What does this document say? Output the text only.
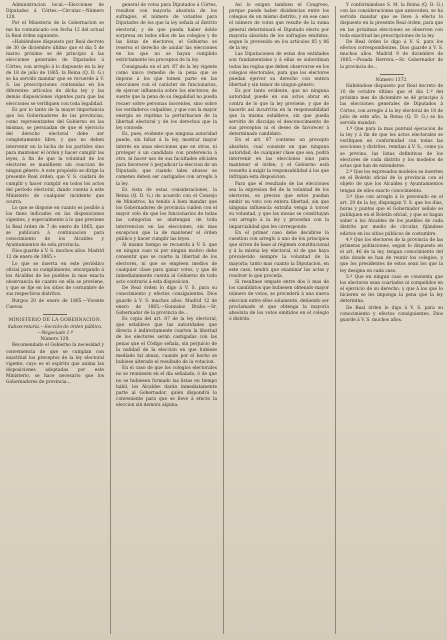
Administracion local.—Elecciones de Diputados á Córtes.—Circular.—Número 128.

Por el Ministerio de la Gobernacion se me ha comunicado con fecha 12 del actual la Real órden siguiente:

«Habiéndose dispuesto por Real decreto de 30 de diciembre último que el dia 5 de marzo próximo se dé principio á las elecciones generales de Diputados á Córtes, con arreglo á lo dispuesto en la ley de 18 de julio de 1865; la Reina (Q. D. G.) se ha servido mandar que se recuerde á V. S. las prescripciones contenidas en los diferentes artículos de dicha ley y las demás disposiciones vigentes para que las elecciones se verifiquen con toda legalidad.

Es por lo tanto de la mayor importancia que los Gobernadores de las provincias, como representantes del Gobierno en las mismas, se persuadan de que el ejercicio del derecho electoral debe ser completamente libre, y que no deben intervenir en la lucha de los partidos sino para mantener el órden y hacer cumplir las leyes, á fin de que la voluntad de los electores se manifieste sin coaccion de ningun género. A este propósito se dirige la presente Real órden, que V. S. cuidará de cumplir y hacer cumplir en todos los actos del período electoral, dando cuenta á este Ministerio de cualquier incidente que ocurra.

Lo que se dispone en cuanto es posible á los fines indicados en las disposiciones vigentes, y especialmente á lo que previene la Real órden de 7 de enero de 1865, que se publicará á continuacion para conocimiento de los Alcaldes y Ayuntamientos de esta provincia.

Dios guarde á V. S. muchos años. Madrid 12 de enero de 1865.»

Lo que se inserta en este periódico oficial para su cumplimiento, encargando á los Alcaldes de los pueblos la mas exacta observancia de cuanto en ella se previene, y que se fije en los sitios de costumbre de sus respectivos distritos.

Burgos 20 de enero de 1865.—Vicente Cuevas.

MINISTERIO DE LA GOBERNACION.

Subsecretaría.—Sección de órden público.—Negociado 1.º

Número 129.

Recomendado el Gobierno la necesidad y conveniencia de que se cumplan con exactitud los preceptos de la ley electoral vigente, cuyo es el espíritu que anima las disposiciones adoptadas por este Ministerio, se hace necesario que los Gobernadores de provincia...

general de votos para Diputados á Córtes, resulten con mayoría absoluta de los sufragios, el número de votantes para Diputados de los que la ley señala al distrito electoral; y de que pueda haber doble sorpresa en todos ellos de las colegios y de las listas de electores, el Gobierno se reserva el derecho de anular las elecciones en los que no se hayan cumplido estrictamente los preceptos de la ley.

Consignado en el art. 87 de la ley vigente como único remedio de la pena que se impone á los que tomen parte en las elecciones con el carácter de funcionarios, de ejercer influencia sobre los electores; de suerte que la pena de su ilegalidad no pueda recaer sobre personas inocentes, sino sobre los verdaderos culpables, y que con la mayor energía se reprima la perturbacion de la libertad electoral y de los derechos que la ley concede.

Es, pues, evidente que ninguna autoridad puede, sin faltar á la ley, mostrar mayor interés en unas elecciones que en otras, ni proteger á un candidato con preferencia á otro, ni hacer uso de sus facultades oficiales para favorecer ó perjudicar la eleccion de un Diputado; que cuando tales abusos se cometen deben ser castigados con arreglo á la ley.

Es vista de estas consideraciones, la Reina (Q. D. G.) de acuerdo con el Consejo de Ministros, ha tenido á bien mandar que los Gobernadores de provincia cuiden con el mayor celo de que los funcionarios de todas las categorías se abstengan de toda intervencion en las elecciones, sin mas excepcion que la de mantener el órden público y hacer cumplir las leyes.

Al mismo tiempo se recuerda á V. S. que en ningun caso ni por ningun motivo debe consentir que se coarte la libertad de los electores, ni que se empleen medios de cualquier clase para ganar votos, y que dé inmediatamente cuenta al Gobierno de todo acto contrario á esta disposicion.

De Real órden lo digo á V. S. para su conocimiento y efectos consiguientes. Dios guarde á V. S. muchos años. Madrid 12 de enero de 1865.—Gonzalez Brabo.—Sr. Gobernador de la provincia de...

Es copia del art. 87 de la ley electoral, que establece que las autoridades que directa ó indirectamente coarten la libertad de los electores serán castigadas con las penas que el Código señala, sin perjuicio de la nulidad de la eleccion en que hubiese mediado tal abuso, cuando por el hecho se hubiese alterado el resultado de la votacion.

En el caso de que los colegios electorales no se reuniesen en el dia señalado, ó de que no se hubiesen formado las listas en tiempo hábil, los Alcaldes darán inmediatamente parte al Gobernador, quien dispondrá lo conveniente para que se lleve á efecto la eleccion sin demora alguna.

Así lo exigen tambien el Congreso, porque puede haber disidencias entre los colegios de un mismo distrito, y en ese caso el número de votos que resulte de la suma general determinará el Diputado electo por mayoría absoluta de los sufragios emitidos, segun lo prevenido en los artículos 85 y 86 de la ley.

Las Diputaciones de estas dos entidades son fundamentales y á ellas se subordinan todas las reglas que deben observarse en los colegios electorales, para que los electores puedan ejercer su derecho con entera libertad y sin temor de ningun género.

Es por tanto evidente, que no ninguna autoridad puede en sus actos obrar en contra de lo que la ley previene, y que de hacerlo así incurriria en la responsabilidad que la misma establece, sin que pueda servirle de disculpa el desconocimiento de sus preceptos ni el deseo de favorecer á determinado candidato.

En el art. 87 contiene un precepto absoluto, cual consiste en que ninguna autoridad, de cualquier clase que sea, podrá intervenir en las elecciones sino para mantener el órden; y el Gobierno está resuelto á exigir la responsabilidad á los que infrinjan esta disposicion.

Para que el resultado de las elecciones sea la expresion fiel de la voluntad de los electores, es preciso que estos puedan emitir su voto con entera libertad, sin que ninguna influencia extraña venga á torcer su voluntad, y que las mesas se constituyan con arreglo á la ley y procedan con la imparcialidad que les corresponde.

En el primer caso debe decidirse la cuestion con arreglo á uno de los principios que sirven de base al régimen constitucional y á la misma ley electoral, el de que haya prevalecido siempre la voluntad de la mayoría; tanto mas cuanto la Diputacion, en este caso, tendrá que examinar las actas y resolver lo que proceda.

Si resultase empate entre dos ó mas de los candidatos que hubiesen obtenido mayor número de votos, se procederá á una nueva eleccion entre ellos solamente, debiendo ser proclamado el que obtenga la mayoría absoluta de los votos emitidos en el colegio ó distrito.

Y conformándose S. M. la Reina (Q. D. G.) con las consideraciones que anteceden, se ha servido mandar que se lleve á efecto lo dispuesto en la presente Real órden, para que en las próximas elecciones se observen con toda exactitud las prescripciones de la ley.

De Real órden lo digo á V. S. para los efectos correspondientes. Dios guarde á V. S. muchos años. Madrid 9 de diciembre de 1865.—Posada Herrera.—Sr. Gobernador de la provincia de...

Número 1372.

Habiéndose dispuesto por Real decreto de 10 de octubre último que el dia 1.º del próximo mes de diciembre se dé principio á las elecciones generales de Diputados á Córtes, con arreglo á la ley electoral de 18 de julio de este año, la Reina (Q. D. G.) se ha servido mandar:

1.º Que para la mas puntual ejecucion de la ley y á fin de que los actos electorales se verifiquen en conformidad con todas las secciones y distritos, remitan á V. S., como ya se previno, las listas definitivas de los electores de cada distrito y los modelos de actas que han de extenderse.

2.º Que los expresados modelos se inserten en el Boletín oficial de la provincia con el objeto de que los Alcaldes y Ayuntamientos tengan de ellos exacto conocimiento.

3.º Que con arreglo á lo prevenido en el art. 20 de la ley, dispongan V. S. que los dias, horas y puntos que el Gobernador señale se publiquen en el Boletín oficial, y que se hagan saber á los Alcaldes de los pueblos de cada distrito por medio de circular, fijándose edictos en los sitios públicos de costumbre.

4.º Que los electores de la provincia de las primeras poblaciones, segun lo dispuesto en el art. 46 de la ley, tengan conocimiento del sitio donde se han de reunir los colegios, y que los presidentes de estos sean los que la ley designa en cada caso.

5.º Que en ningun caso se consienta que los electores sean coartados ni compelidos en el ejercicio de su derecho, y que á los que lo hicieren se les imponga la pena que la ley determina.

De Real órden lo digo á V. S. para su conocimiento y efectos consiguientes. Dios guarde á V. S. muchos años.
